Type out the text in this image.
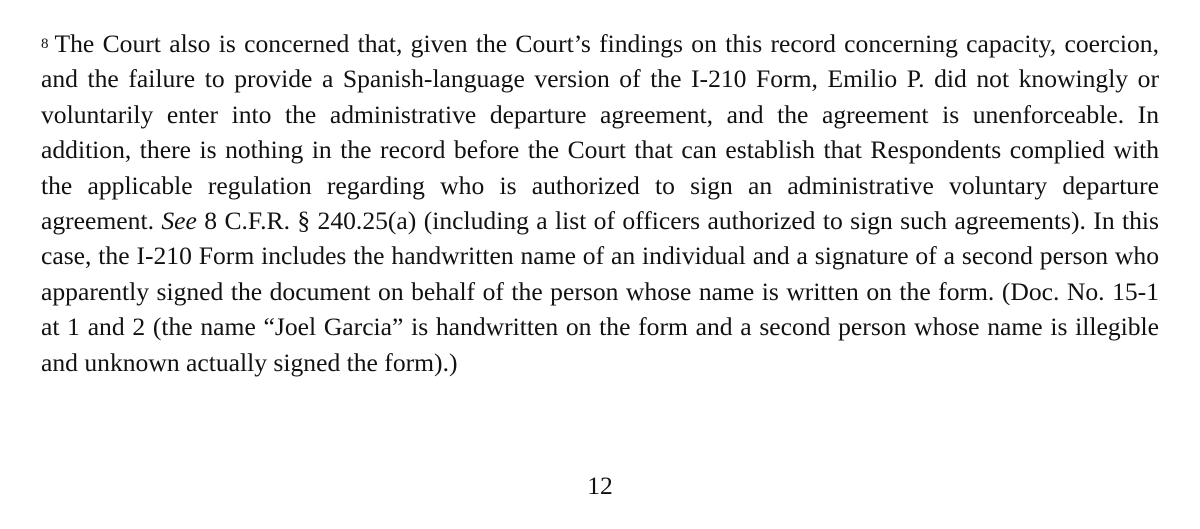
$^8$ The Court also is concerned that, given the Court’s findings on this record concerning capacity, coercion, and the failure to provide a Spanish-language version of the I-210 Form, Emilio P. did not knowingly or voluntarily enter into the administrative departure agreement, and the agreement is unenforceable. In addition, there is nothing in the record before the Court that can establish that Respondents complied with the applicable regulation regarding who is authorized to sign an administrative voluntary departure agreement. See 8 C.F.R. § 240.25(a) (including a list of officers authorized to sign such agreements). In this case, the I-210 Form includes the handwritten name of an individual and a signature of a second person who apparently signed the document on behalf of the person whose name is written on the form. (Doc. No. 15-1 at 1 and 2 (the name “Joel Garcia” is handwritten on the form and a second person whose name is illegible and unknown actually signed the form).)

12
